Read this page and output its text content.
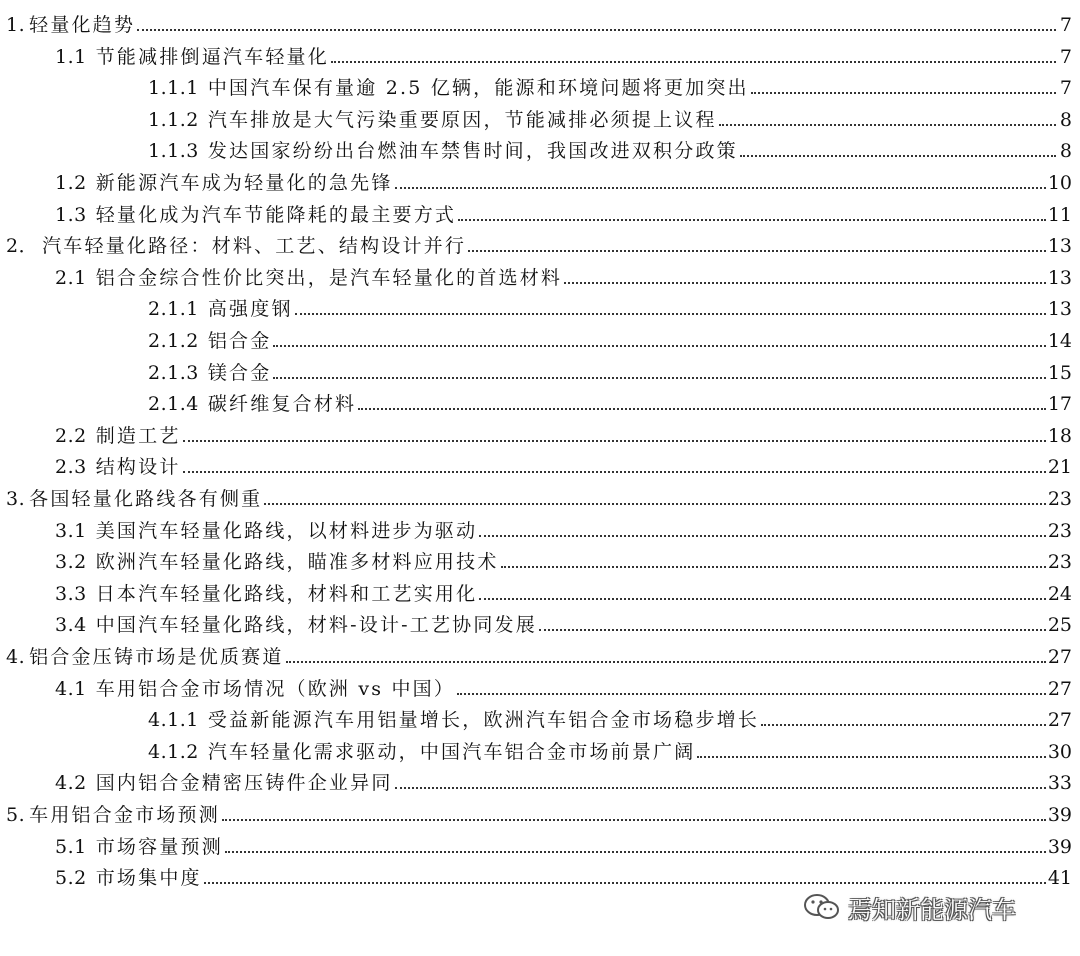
1. 轻量化趋势	7
1.1 节能减排倒逼汽车轻量化	7
1.1.1 中国汽车保有量逾 2.5 亿辆，能源和环境问题将更加突出	7
1.1.2 汽车排放是大气污染重要原因，节能减排必须提上议程	8
1.1.3 发达国家纷纷出台燃油车禁售时间，我国改进双积分政策	8
1.2 新能源汽车成为轻量化的急先锋	10
1.3 轻量化成为汽车节能降耗的最主要方式	11
2． 汽车轻量化路径：材料、工艺、结构设计并行	13
2.1 铝合金综合性价比突出，是汽车轻量化的首选材料	13
2.1.1 高强度钢	13
2.1.2 铝合金	14
2.1.3 镁合金	15
2.1.4 碳纤维复合材料	17
2.2 制造工艺	18
2.3 结构设计	21
3. 各国轻量化路线各有侧重	23
3.1 美国汽车轻量化路线，以材料进步为驱动	23
3.2 欧洲汽车轻量化路线，瞄准多材料应用技术	23
3.3 日本汽车轻量化路线，材料和工艺实用化	24
3.4 中国汽车轻量化路线，材料-设计-工艺协同发展	25
4. 铝合金压铸市场是优质赛道	27
4.1 车用铝合金市场情况（欧洲 vs 中国）	27
4.1.1 受益新能源汽车用铝量增长，欧洲汽车铝合金市场稳步增长	27
4.1.2 汽车轻量化需求驱动，中国汽车铝合金市场前景广阔	30
4.2 国内铝合金精密压铸件企业异同	33
5. 车用铝合金市场预测	39
5.1 市场容量预测	39
5.2 市场集中度	41
焉知新能源汽车
